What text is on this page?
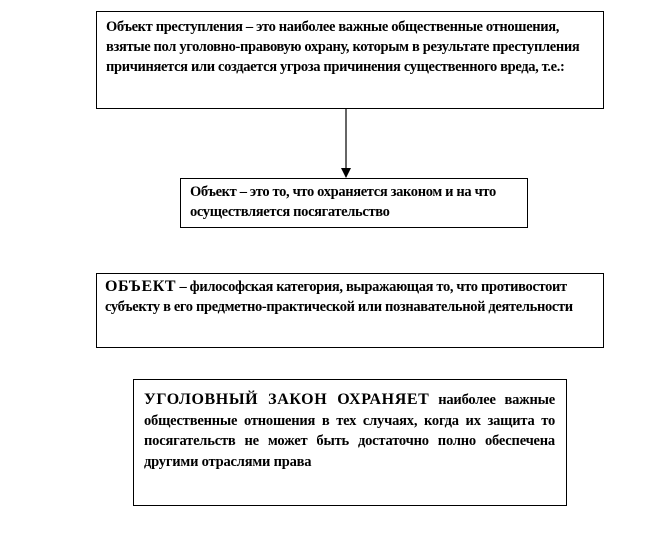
Объект преступления – это наиболее важные общественные отношения, взятые пол уголовно-правовую охрану, которым в результате преступления причиняется или создается угроза причинения существенного вреда, т.е.:

Объект – это то, что охраняется законом и на что осуществляется посягательство

ОБЪЕКТ – философская категория, выражающая то, что противостоит субъекту в его предметно-практической или познавательной деятельности

УГОЛОВНЫЙ ЗАКОН ОХРАНЯЕТ наиболее важные общественные отношения в тех случаях, когда их защита то посягательств не может быть достаточно полно обеспечена другими отраслями права
